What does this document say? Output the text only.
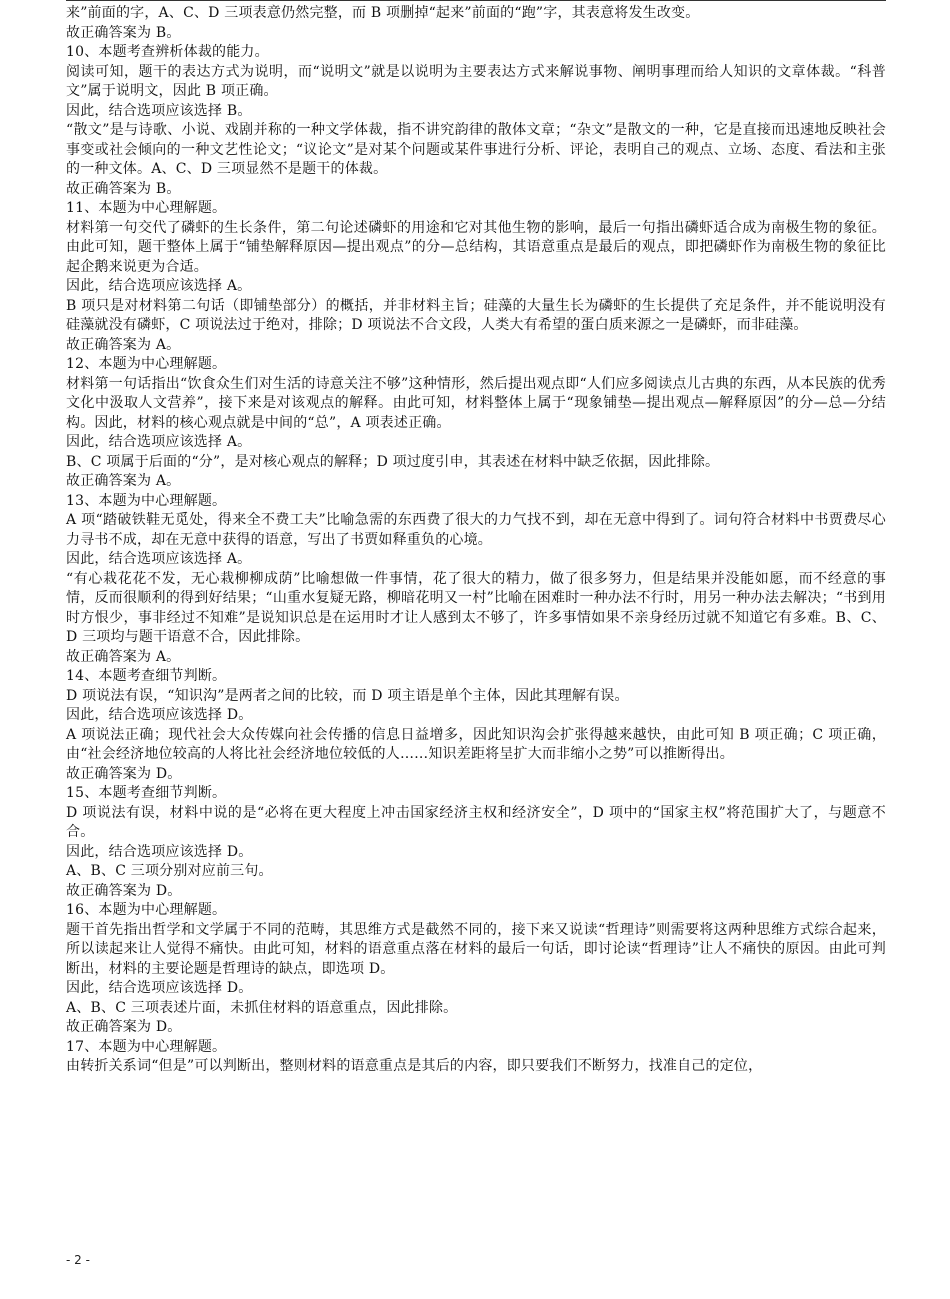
来”前面的字，A、C、D 三项表意仍然完整，而 B 项删掉“起来”前面的“跑”字，其表意将发生改变。

故正确答案为 B。

10、本题考查辨析体裁的能力。

阅读可知，题干的表达方式为说明，而“说明文”就是以说明为主要表达方式来解说事物、阐明事理而给人知识的文章体裁。“科普文”属于说明文，因此 B 项正确。

因此，结合选项应该选择 B。

“散文”是与诗歌、小说、戏剧并称的一种文学体裁，指不讲究韵律的散体文章；“杂文”是散文的一种，它是直接而迅速地反映社会事变或社会倾向的一种文艺性论文；“议论文”是对某个问题或某件事进行分析、评论，表明自己的观点、立场、态度、看法和主张的一种文体。A、C、D 三项显然不是题干的体裁。

故正确答案为 B。

11、本题为中心理解题。

材料第一句交代了磷虾的生长条件，第二句论述磷虾的用途和它对其他生物的影响，最后一句指出磷虾适合成为南极生物的象征。由此可知，题干整体上属于“铺垫解释原因—提出观点”的分—总结构，其语意重点是最后的观点，即把磷虾作为南极生物的象征比起企鹅来说更为合适。

因此，结合选项应该选择 A。

B 项只是对材料第二句话（即铺垫部分）的概括，并非材料主旨；硅藻的大量生长为磷虾的生长提供了充足条件，并不能说明没有硅藻就没有磷虾，C 项说法过于绝对，排除；D 项说法不合文段，人类大有希望的蛋白质来源之一是磷虾，而非硅藻。

故正确答案为 A。

12、本题为中心理解题。

材料第一句话指出“饮食众生们对生活的诗意关注不够”这种情形，然后提出观点即“人们应多阅读点儿古典的东西，从本民族的优秀文化中汲取人文营养”，接下来是对该观点的解释。由此可知，材料整体上属于“现象铺垫—提出观点—解释原因”的分—总—分结构。因此，材料的核心观点就是中间的“总”，A 项表述正确。

因此，结合选项应该选择 A。

B、C 项属于后面的“分”，是对核心观点的解释；D 项过度引申，其表述在材料中缺乏依据，因此排除。

故正确答案为 A。

13、本题为中心理解题。

A 项“踏破铁鞋无觅处，得来全不费工夫”比喻急需的东西费了很大的力气找不到，却在无意中得到了。词句符合材料中书贾费尽心力寻书不成，却在无意中获得的语意，写出了书贾如释重负的心境。

因此，结合选项应该选择 A。

“有心栽花花不发，无心栽柳柳成荫”比喻想做一件事情，花了很大的精力，做了很多努力，但是结果并没能如愿，而不经意的事情，反而很顺利的得到好结果；“山重水复疑无路，柳暗花明又一村”比喻在困难时一种办法不行时，用另一种办法去解决；“书到用时方恨少，事非经过不知难”是说知识总是在运用时才让人感到太不够了，许多事情如果不亲身经历过就不知道它有多难。B、C、D 三项均与题干语意不合，因此排除。

故正确答案为 A。

14、本题考查细节判断。

D 项说法有误，“知识沟”是两者之间的比较，而 D 项主语是单个主体，因此其理解有误。

因此，结合选项应该选择 D。

A 项说法正确；现代社会大众传媒向社会传播的信息日益增多，因此知识沟会扩张得越来越快，由此可知 B 项正确；C 项正确，由“社会经济地位较高的人将比社会经济地位较低的人……知识差距将呈扩大而非缩小之势”可以推断得出。

故正确答案为 D。

15、本题考查细节判断。

D 项说法有误，材料中说的是“必将在更大程度上冲击国家经济主权和经济安全”，D 项中的“国家主权”将范围扩大了，与题意不合。

因此，结合选项应该选择 D。

A、B、C 三项分别对应前三句。

故正确答案为 D。

16、本题为中心理解题。

题干首先指出哲学和文学属于不同的范畴，其思维方式是截然不同的，接下来又说读“哲理诗”则需要将这两种思维方式综合起来，所以读起来让人觉得不痛快。由此可知，材料的语意重点落在材料的最后一句话，即讨论读“哲理诗”让人不痛快的原因。由此可判断出，材料的主要论题是哲理诗的缺点，即选项 D。

因此，结合选项应该选择 D。

A、B、C 三项表述片面，未抓住材料的语意重点，因此排除。

故正确答案为 D。

17、本题为中心理解题。

由转折关系词“但是”可以判断出，整则材料的语意重点是其后的内容，即只要我们不断努力，找准自己的定位，

- 2 -
